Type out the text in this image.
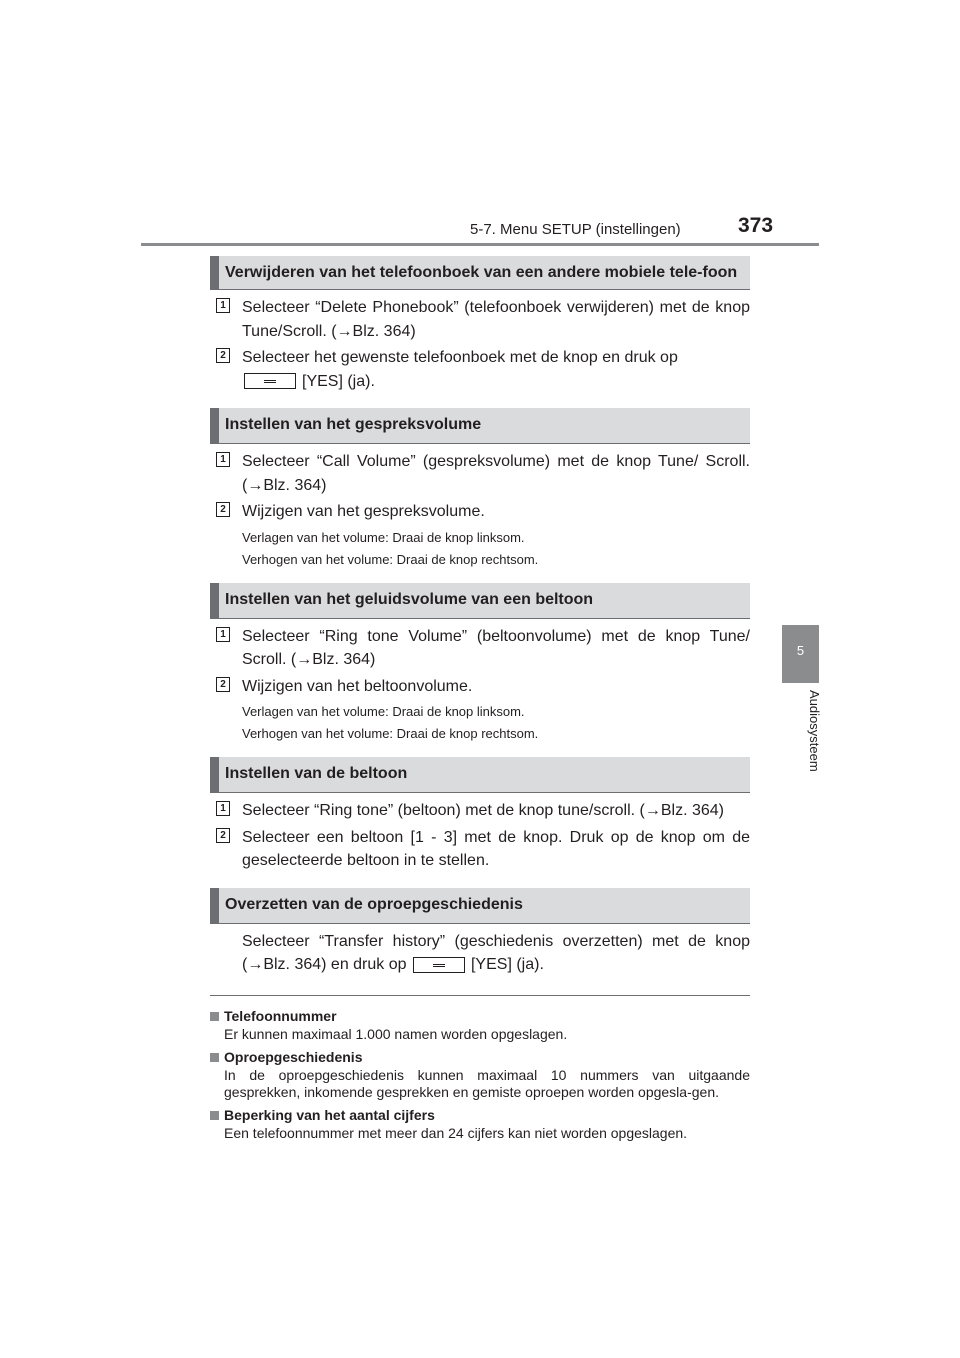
5-7. Menu SETUP (instellingen)	373
5
Audiosysteem
Verwijderen van het telefoonboek van een andere mobiele tele-foon
1 Selecteer “Delete Phonebook” (telefoonboek verwijderen) met de knop Tune/Scroll. (→Blz. 364)
2 Selecteer het gewenste telefoonboek met de knop en druk op
[YES] (ja).
Instellen van het gespreksvolume
1 Selecteer “Call Volume” (gespreksvolume) met de knop Tune/ Scroll. (→Blz. 364)
2 Wijzigen van het gespreksvolume.
Verlagen van het volume: Draai de knop linksom.
Verhogen van het volume: Draai de knop rechtsom.
Instellen van het geluidsvolume van een beltoon
1 Selecteer “Ring tone Volume” (beltoonvolume) met de knop Tune/ Scroll. (→Blz. 364)
2 Wijzigen van het beltoonvolume.
Verlagen van het volume: Draai de knop linksom.
Verhogen van het volume: Draai de knop rechtsom.
Instellen van de beltoon
1 Selecteer “Ring tone” (beltoon) met de knop tune/scroll. (→Blz. 364)
2 Selecteer een beltoon [1 - 3] met de knop. Druk op de knop om de geselecteerde beltoon in te stellen.
Overzetten van de oproepgeschiedenis
Selecteer “Transfer history” (geschiedenis overzetten) met de knop (→Blz. 364) en druk op	[YES] (ja).
Telefoonnummer
Er kunnen maximaal 1.000 namen worden opgeslagen.
Oproepgeschiedenis
In de oproepgeschiedenis kunnen maximaal 10 nummers van uitgaande gesprekken, inkomende gesprekken en gemiste oproepen worden opgesla-gen.
Beperking van het aantal cijfers
Een telefoonnummer met meer dan 24 cijfers kan niet worden opgeslagen.
